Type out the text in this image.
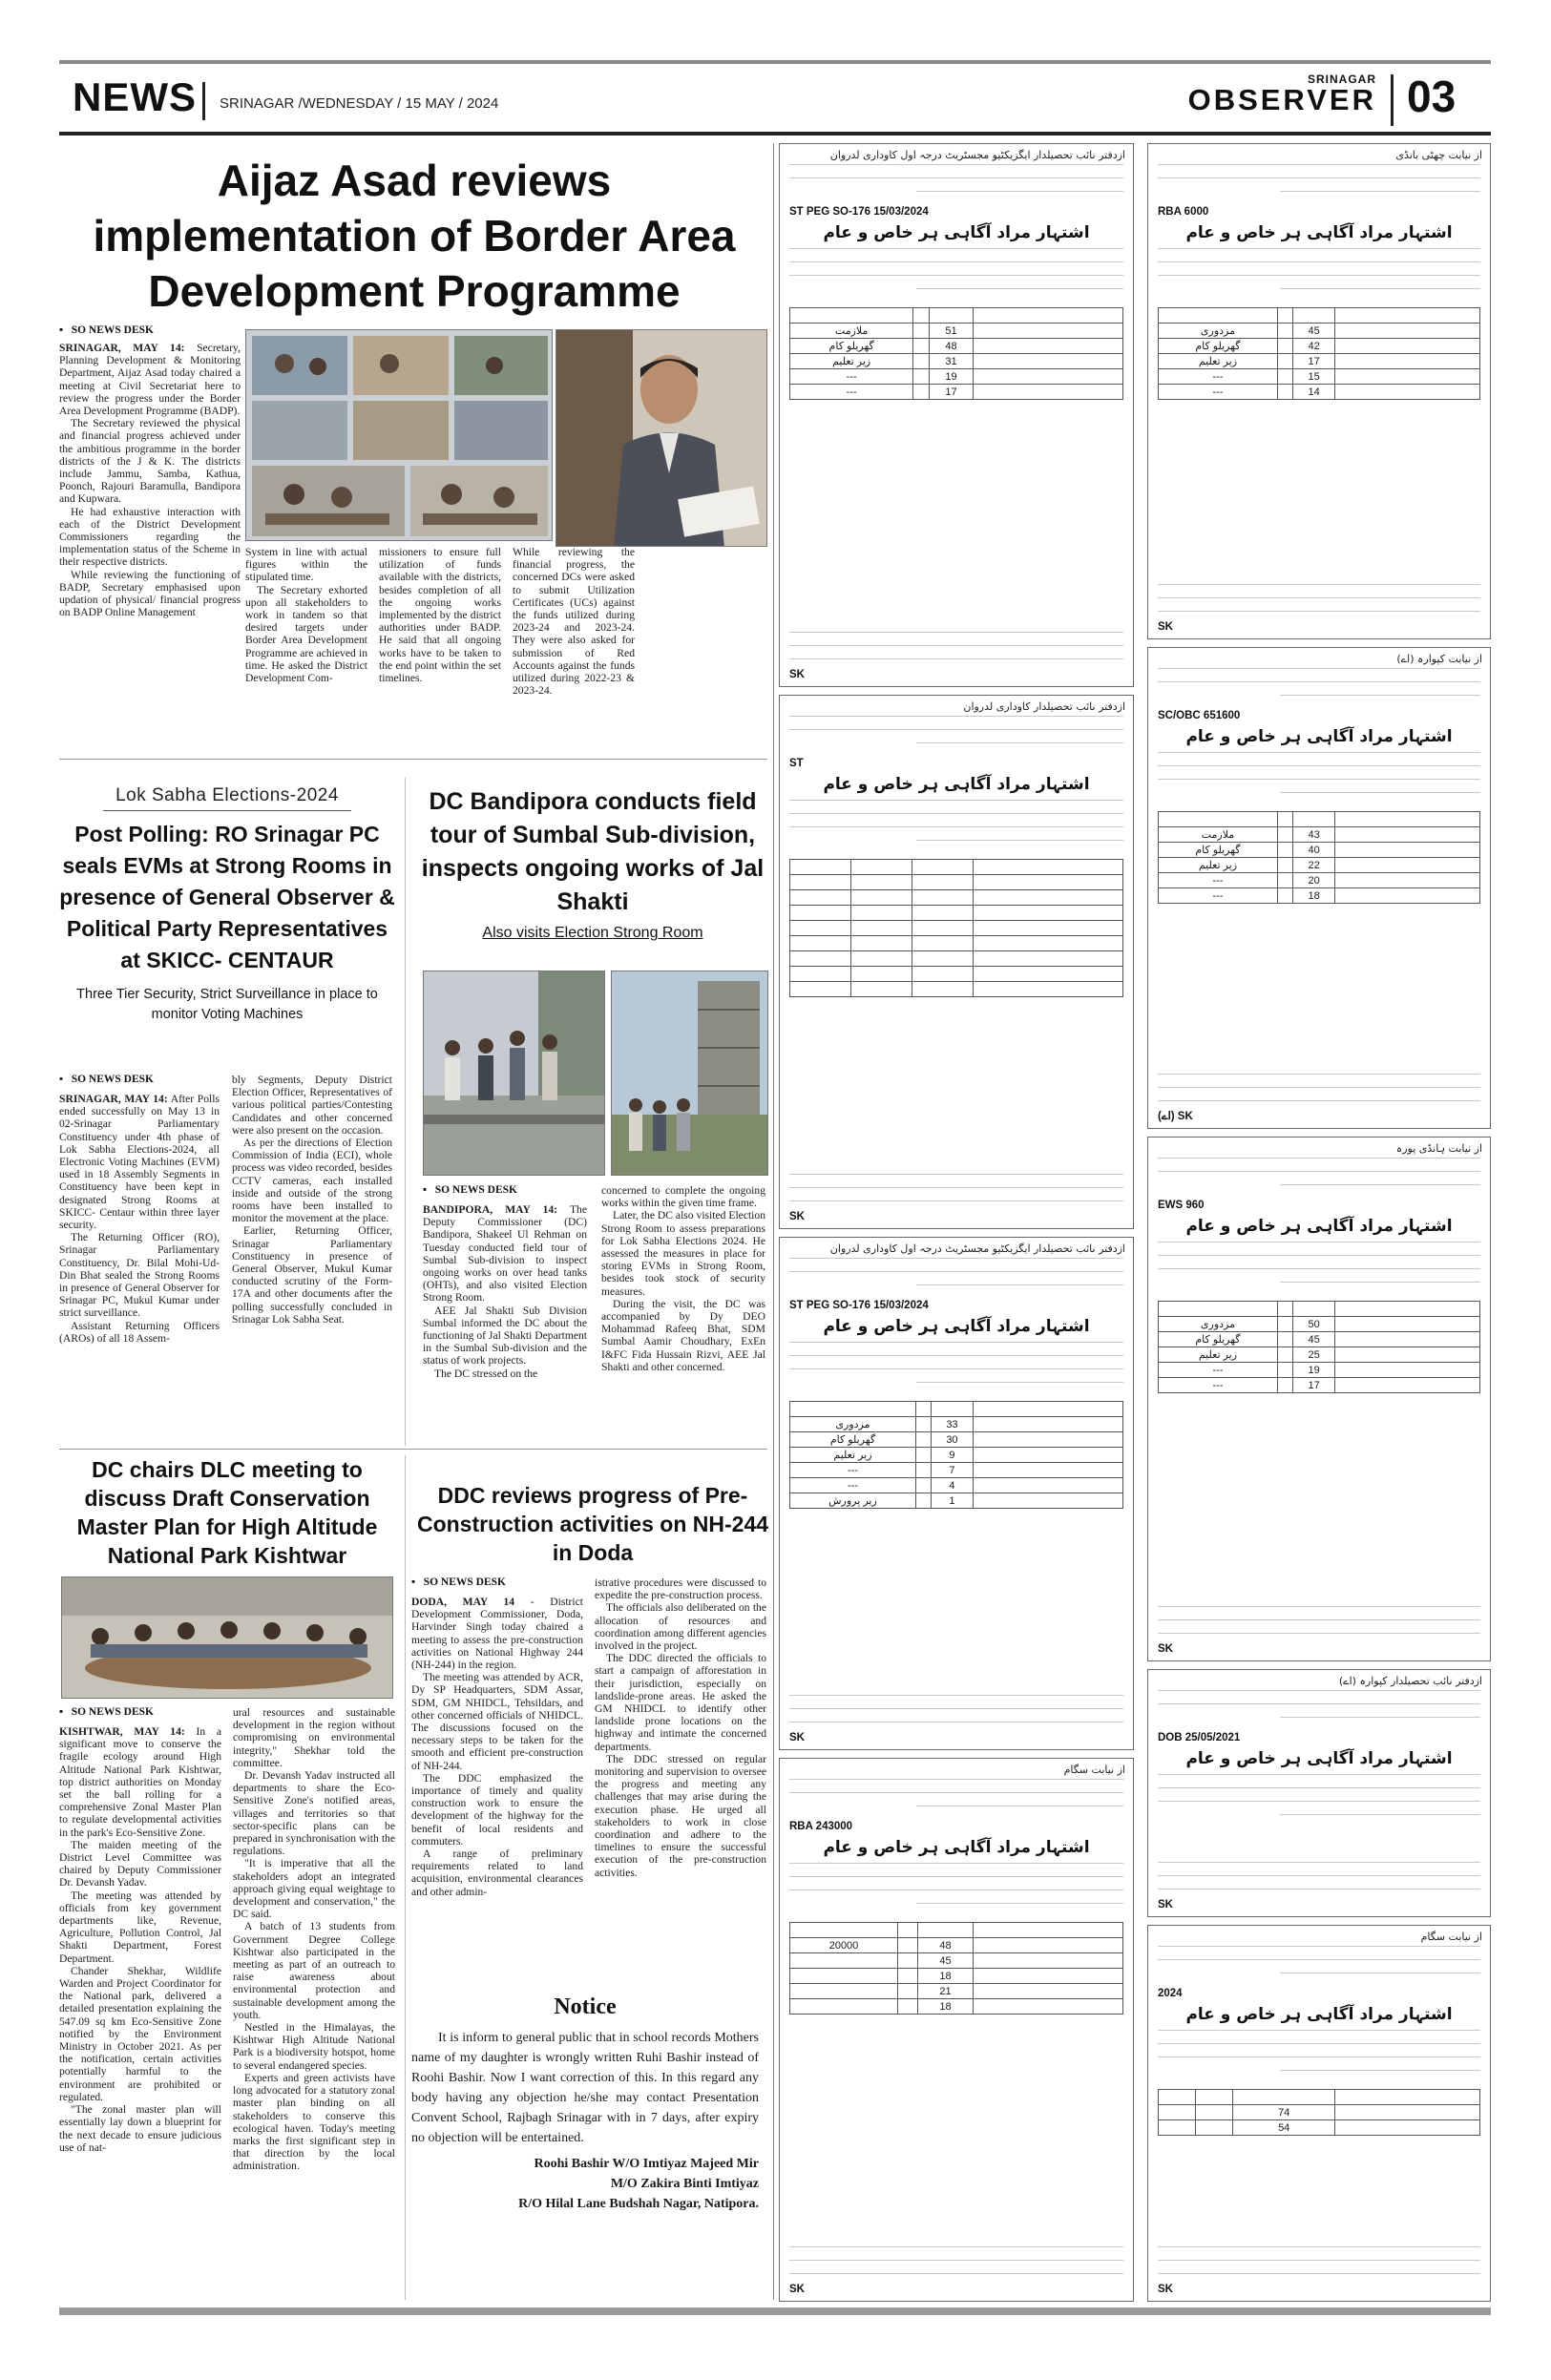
NEWS SRINAGAR /WEDNESDAY / 15 MAY / 2024
SRINAGAR
OBSERVER 03
Aijaz Asad reviews implementation of Border Area Development Programme
▪   SO NEWS DESK

SRINAGAR, MAY 14: Secretary, Planning Development & Monitoring Department, Aijaz Asad today chaired a meeting at Civil Secretariat here to review the progress under the Border Area Development Programme (BADP).

The Secretary reviewed the physical and financial progress achieved under the ambitious programme in the border districts of the J & K. The districts include Jammu, Samba, Kathua, Poonch, Rajouri Baramulla, Bandipora and Kupwara.

He had exhaustive interaction with each of the District Development Commissioners regarding the implementation status of the Scheme in their respective districts.

While reviewing the functioning of BADP, Secretary emphasised upon updation of physical/ financial progress on BADP Online Management

System in line with actual figures within the stipulated time.

The Secretary exhorted upon all stakeholders to work in tandem so that desired targets under Border Area Development Programme are achieved in time. He asked the District Development Com-

missioners to ensure full utilization of funds available with the districts, besides completion of all the ongoing works implemented by the district authorities under BADP. He said that all ongoing works have to be taken to the end point within the set timelines.

While reviewing the financial progress, the concerned DCs were asked to submit Utilization Certificates (UCs) against the funds utilized during 2023-24 and 2023-24. They were also asked for submission of Red Accounts against the funds utilized during 2022-23 & 2023-24.

Lok Sabha Elections-2024
Post Polling: RO Srinagar PC seals EVMs at Strong Rooms in presence of General Observer & Political Party Representatives at SKICC- CENTAUR
Three Tier Security, Strict Surveillance in place to monitor Voting Machines
▪   SO NEWS DESK

SRINAGAR, MAY 14: After Polls ended successfully on May 13 in 02-Srinagar Parliamentary Constituency under 4th phase of Lok Sabha Elections-2024, all Electronic Voting Machines (EVM) used in 18 Assembly Segments in Constituency have been kept in designated Strong Rooms at SKICC- Centaur within three layer security.

The Returning Officer (RO), Srinagar Parliamentary Constituency, Dr. Bilal Mohi-Ud-Din Bhat sealed the Strong Rooms in presence of General Observer for Srinagar PC, Mukul Kumar under strict surveillance.

Assistant Returning Officers (AROs) of all 18 Assem-

bly Segments, Deputy District Election Officer, Representatives of various political parties/Contesting Candidates and other concerned were also present on the occasion.

As per the directions of Election Commission of India (ECI), whole process was video recorded, besides CCTV cameras, each installed inside and outside of the strong rooms have been installed to monitor the movement at the place.

Earlier, Returning Officer, Srinagar Parliamentary Constituency in presence of General Observer, Mukul Kumar conducted scrutiny of the Form-17A and other documents after the polling successfully concluded in Srinagar Lok Sabha Seat.

DC Bandipora conducts field tour of Sumbal Sub-division, inspects ongoing works of Jal Shakti
Also visits Election Strong Room
▪   SO NEWS DESK

BANDIPORA, MAY 14: The Deputy Commissioner (DC) Bandipora, Shakeel Ul Rehman on Tuesday conducted field tour of Sumbal Sub-division to inspect ongoing works on over head tanks (OHTs), and also visited Election Strong Room.

AEE Jal Shakti Sub Division Sumbal informed the DC about the functioning of Jal Shakti Department in the Sumbal Sub-division and the status of work projects.

The DC stressed on the

concerned to complete the ongoing works within the given time frame.

Later, the DC also visited Election Strong Room to assess preparations for Lok Sabha Elections 2024. He assessed the measures in place for storing EVMs in Strong Room, besides took stock of security measures.

During the visit, the DC was accompanied by Dy DEO Mohammad Rafeeq Bhat, SDM Sumbal Aamir Choudhary, ExEn I&FC Fida Hussain Rizvi, AEE Jal Shakti and other concerned.

DC chairs DLC meeting to discuss Draft Conservation Master Plan for High Altitude National Park Kishtwar
▪   SO NEWS DESK

KISHTWAR, MAY 14: In a significant move to conserve the fragile ecology around High Altitude National Park Kishtwar, top district authorities on Monday set the ball rolling for a comprehensive Zonal Master Plan to regulate developmental activities in the park's Eco-Sensitive Zone.

The maiden meeting of the District Level Committee was chaired by Deputy Commissioner Dr. Devansh Yadav.

The meeting was attended by officials from key government departments like, Revenue, Agriculture, Pollution Control, Jal Shakti Department, Forest Department.

Chander Shekhar, Wildlife Warden and Project Coordinator for the National park, delivered a detailed presentation explaining the 547.09 sq km Eco-Sensitive Zone notified by the Environment Ministry in October 2021. As per the notification, certain activities potentially harmful to the environment are prohibited or regulated.

"The zonal master plan will essentially lay down a blueprint for the next decade to ensure judicious use of nat-

ural resources and sustainable development in the region without compromising on environmental integrity," Shekhar told the committee.

Dr. Devansh Yadav instructed all departments to share the Eco-Sensitive Zone's notified areas, villages and territories so that sector-specific plans can be prepared in synchronisation with the regulations.

"It is imperative that all the stakeholders adopt an integrated approach giving equal weightage to development and conservation," the DC said.

A batch of 13 students from Government Degree College Kishtwar also participated in the meeting as part of an outreach to raise awareness about environmental protection and sustainable development among the youth.

Nestled in the Himalayas, the Kishtwar High Altitude National Park is a biodiversity hotspot, home to several endangered species.

Experts and green activists have long advocated for a statutory zonal master plan binding on all stakeholders to conserve this ecological haven. Today's meeting marks the first significant step in that direction by the local administration.

DDC reviews progress of Pre-Construction activities on NH-244 in Doda
▪   SO NEWS DESK

DODA, MAY 14 - District Development Commissioner, Doda, Harvinder Singh today chaired a meeting to assess the pre-construction activities on National Highway 244 (NH-244) in the region.

The meeting was attended by ACR, Dy SP Headquarters, SDM Assar, SDM, GM NHIDCL, Tehsildars, and other concerned officials of NHIDCL. The discussions focused on the necessary steps to be taken for the smooth and efficient pre-construction of NH-244.

The DDC emphasized the importance of timely and quality construction work to ensure the development of the highway for the benefit of local residents and commuters.

A range of preliminary requirements related to land acquisition, environmental clearances and other admin-

istrative procedures were discussed to expedite the pre-construction process.

The officials also deliberated on the allocation of resources and coordination among different agencies involved in the project.

The DDC directed the officials to start a campaign of afforestation in their jurisdiction, especially on landslide-prone areas. He asked the GM NHIDCL to identify other landslide prone locations on the highway and intimate the concerned departments.

The DDC stressed on regular monitoring and supervision to oversee the progress and meeting any challenges that may arise during the execution phase. He urged all stakeholders to work in close coordination and adhere to the timelines to ensure the successful execution of the pre-construction activities.

Notice
It is inform to general public that in school records Mothers name of my daughter is wrongly written Ruhi Bashir instead of Roohi Bashir. Now I want correction of this. In this regard any body having any objection he/she may contact Presentation Convent School, Rajbagh Srinagar with in 7 days, after expiry no objection will be entertained.
Roohi Bashir W/O Imtiyaz Majeed Mir
M/O Zakira Binti Imtiyaz
R/O Hilal Lane Budshah Nagar, Natipora.
ازدفتر نائب تحصیلدار ایگزیکٹیو مجسٹریٹ درجہ اول کاوداری لدروان
ST PEG SO-176 15/03/2024
اشتہار مراد آگاہی ہر خاص و عام

ملازمت		51	
گھریلو کام		48	
زیر تعلیم		31	
---		19	
---		17	
SK
ازدفتر نائب تحصیلدار کاوداری لدروان
ST
اشتہار مراد آگاہی ہر خاص و عام

SK
ازدفتر نائب تحصیلدار ایگزیکٹیو مجسٹریٹ درجہ اول کاوداری لدروان
ST PEG SO-176 15/03/2024
اشتہار مراد آگاہی ہر خاص و عام

مزدوری		33	
گھریلو کام		30	
زیر تعلیم		9	
---		7	
---		4	
زیر پرورش		1	
SK
از نیابت سگام
RBA 243000
اشتہار مراد آگاہی ہر خاص و عام

20000		48	
		45	
		18	
		21	
		18	
SK
از نیابت چھٹی بانڈی
RBA 6000
اشتہار مراد آگاہی ہر خاص و عام

مزدوری		45	
گھریلو کام		42	
زیر تعلیم		17	
---		15	
---		14	
SK
از نیابت کپوارہ (اے)
SC/OBC 651600
اشتہار مراد آگاہی ہر خاص و عام

ملازمت		43	
گھریلو کام		40	
زیر تعلیم		22	
---		20	
---		18	
(اے) SK
از نیابت ہانڈی پورہ
EWS 960
اشتہار مراد آگاہی ہر خاص و عام

مزدوری		50	
گھریلو کام		45	
زیر تعلیم		25	
---		19	
---		17	
SK
ازدفتر نائب تحصیلدار کپوارہ (اے)
DOB 25/05/2021
اشتہار مراد آگاہی ہر خاص و عام
SK
از نیابت سگام
2024
اشتہار مراد آگاہی ہر خاص و عام

		74	
		54	
SK
